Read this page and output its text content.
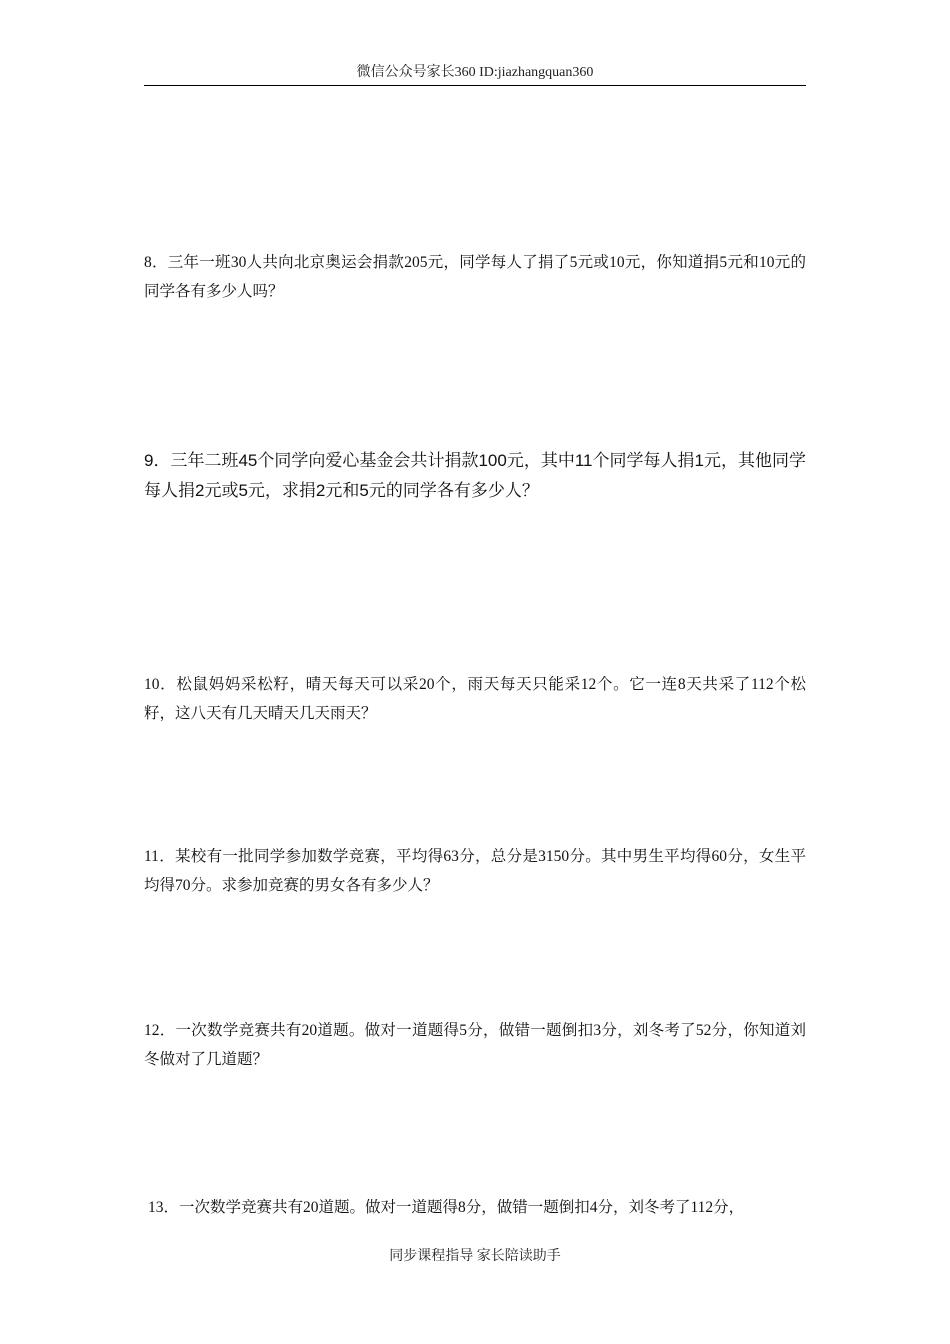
微信公众号家长360 ID:jiazhangquan360

8．三年一班30人共向北京奥运会捐款205元，同学每人了捐了5元或10元，你知道捐5元和10元的同学各有多少人吗？

9．三年二班45个同学向爱心基金会共计捐款100元，其中11个同学每人捐1元，其他同学每人捐2元或5元，求捐2元和5元的同学各有多少人？

10．松鼠妈妈采松籽，晴天每天可以采20个，雨天每天只能采12个。它一连8天共采了112个松籽，这八天有几天晴天几天雨天？

11．某校有一批同学参加数学竞赛，平均得63分，总分是3150分。其中男生平均得60分，女生平均得70分。求参加竞赛的男女各有多少人？

12．一次数学竞赛共有20道题。做对一道题得5分，做错一题倒扣3分，刘冬考了52分，你知道刘冬做对了几道题？

13．一次数学竞赛共有20道题。做对一道题得8分，做错一题倒扣4分，刘冬考了112分，

同步课程指导 家长陪读助手
